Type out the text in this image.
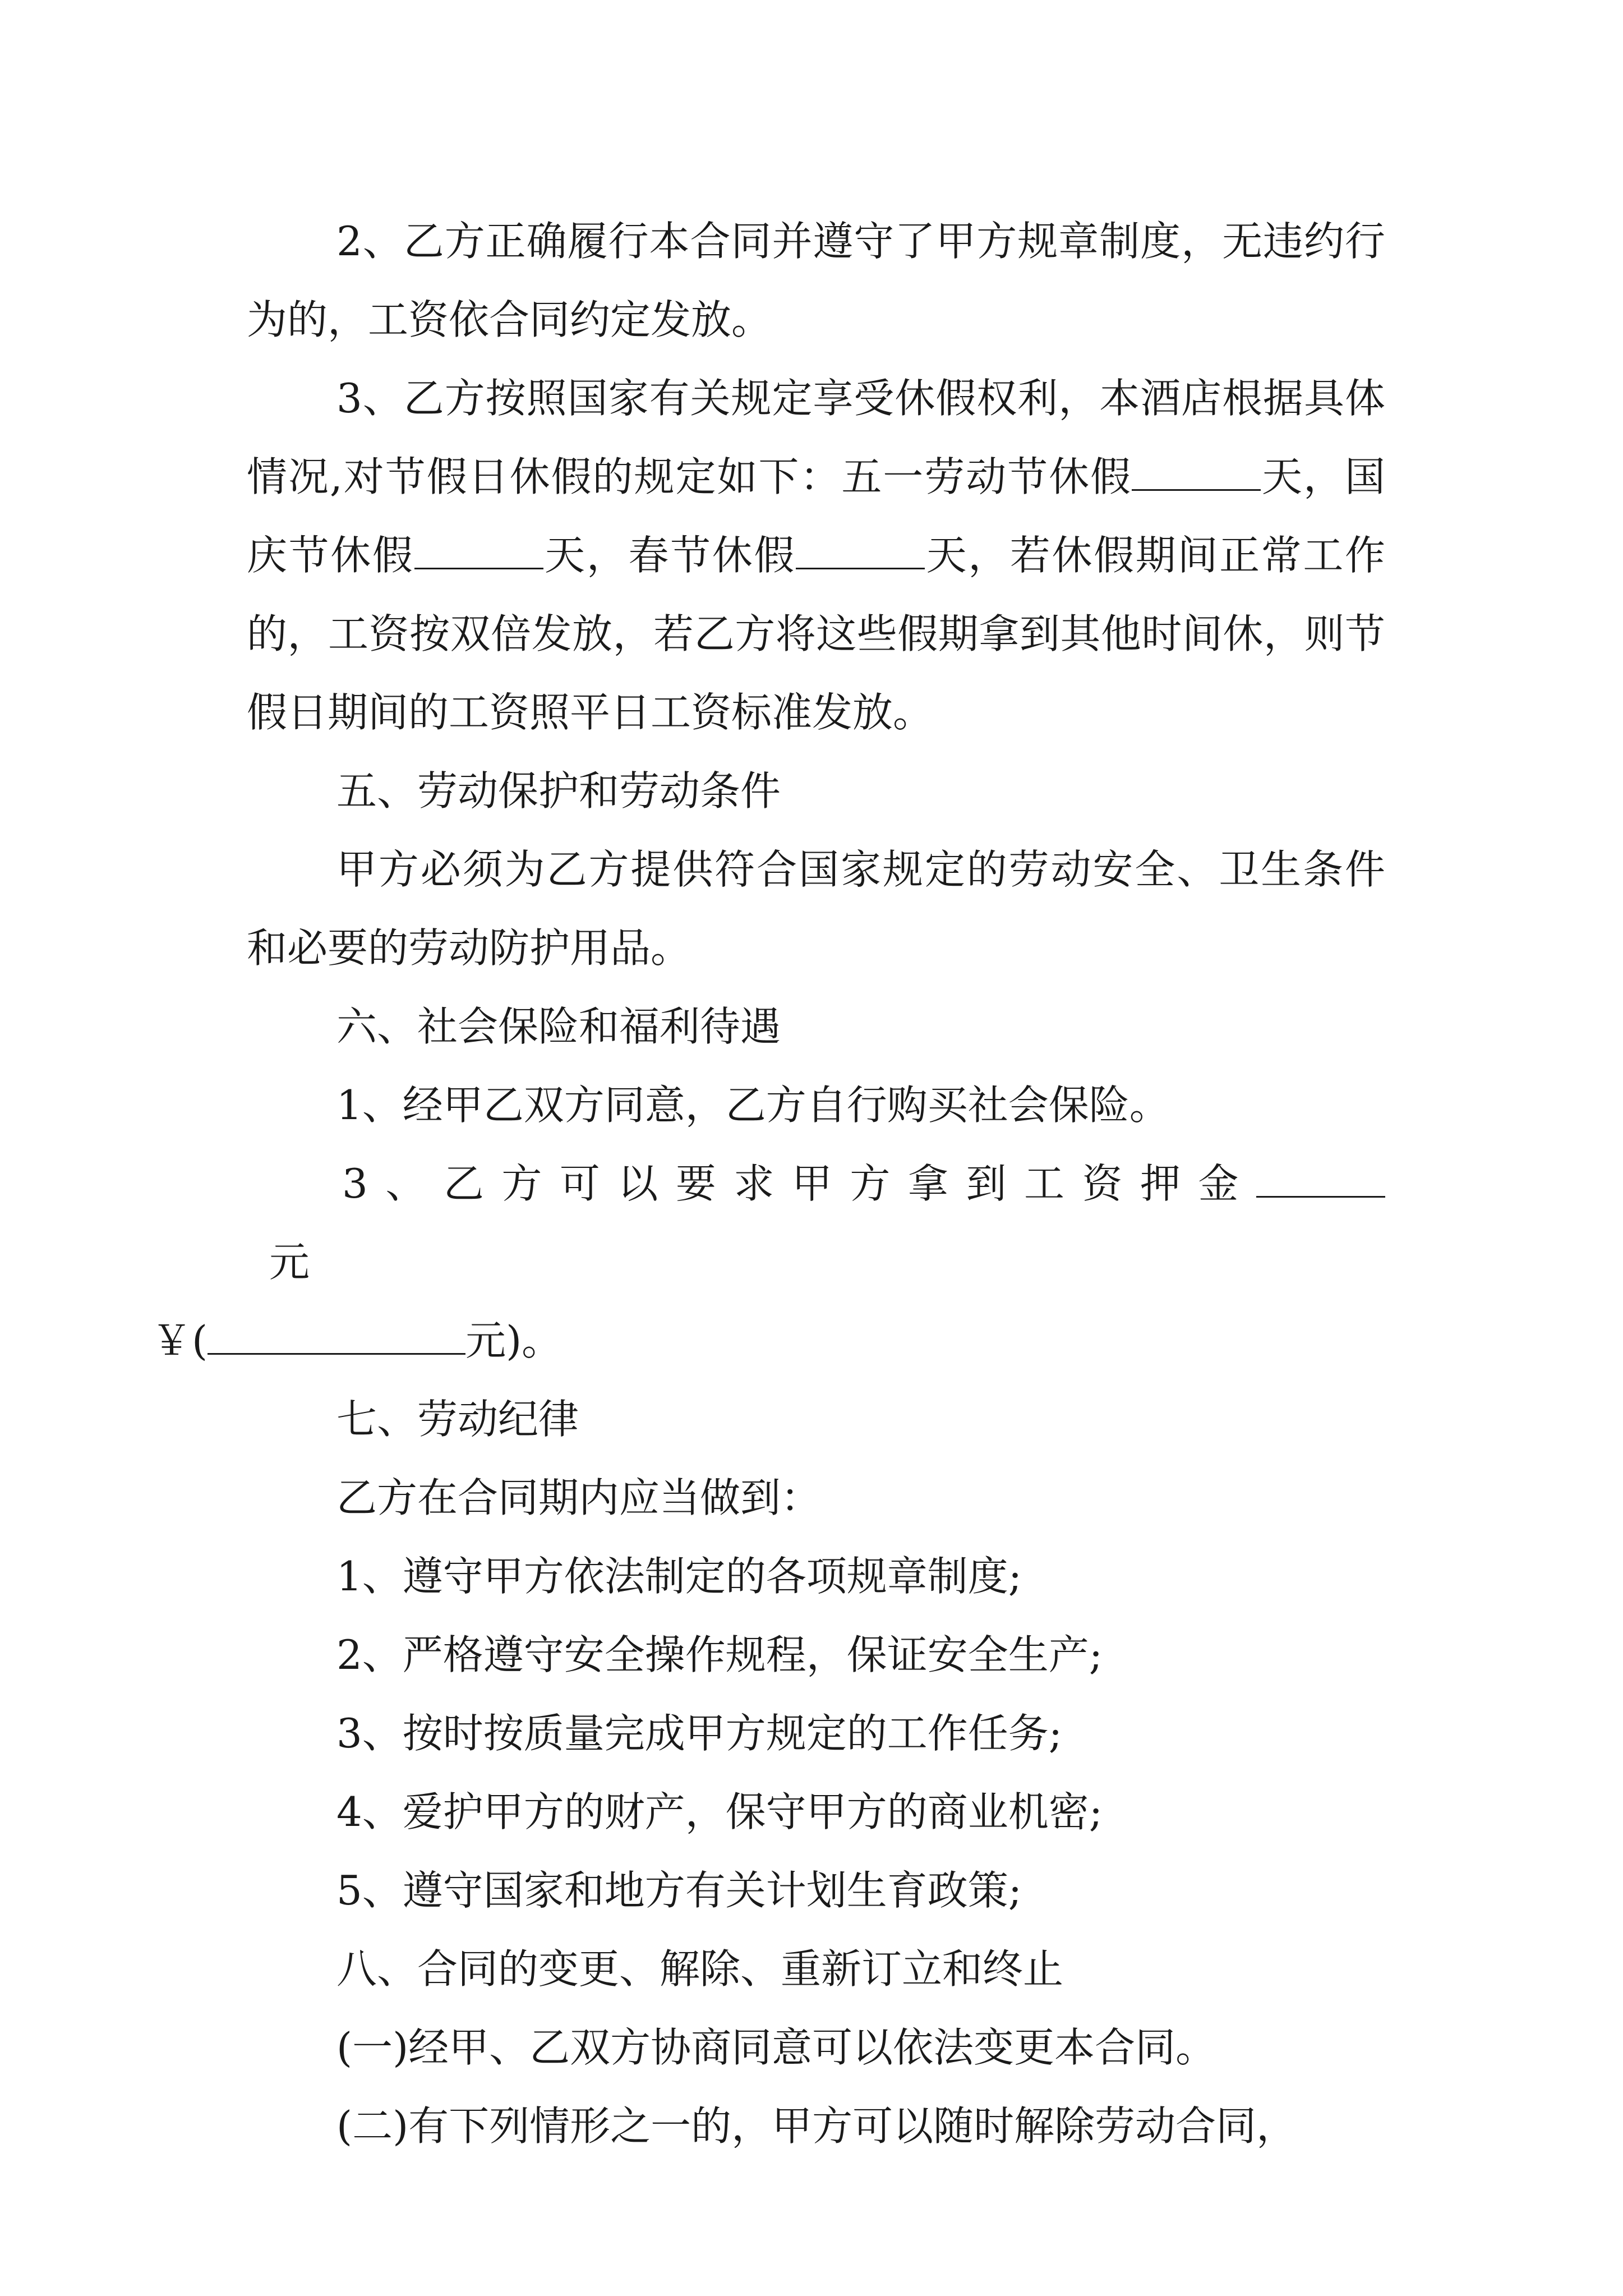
2、乙方正确履行本合同并遵守了甲方规章制度，无违约行为的，工资依合同约定发放。

3、乙方按照国家有关规定享受休假权利，本酒店根据具体情况,对节假日休假的规定如下：五一劳动节休假	天，国庆节休假	天，春节休假	天，若休假期间正常工作的，工资按双倍发放，若乙方将这些假期拿到其他时间休，则节假日期间的工资照平日工资标准发放。

五、劳动保护和劳动条件

甲方必须为乙方提供符合国家规定的劳动安全、卫生条件和必要的劳动防护用品。

六、社会保险和福利待遇

1、经甲乙双方同意，乙方自行购买社会保险。

3、乙方可以要求甲方拿到工资押金元
￥(	元)。

七、劳动纪律

乙方在合同期内应当做到：

1、遵守甲方依法制定的各项规章制度;

2、严格遵守安全操作规程，保证安全生产;

3、按时按质量完成甲方规定的工作任务;

4、爱护甲方的财产，保守甲方的商业机密;

5、遵守国家和地方有关计划生育政策;

八、合同的变更、解除、重新订立和终止

(一)经甲、乙双方协商同意可以依法变更本合同。

(二)有下列情形之一的，甲方可以随时解除劳动合同，
